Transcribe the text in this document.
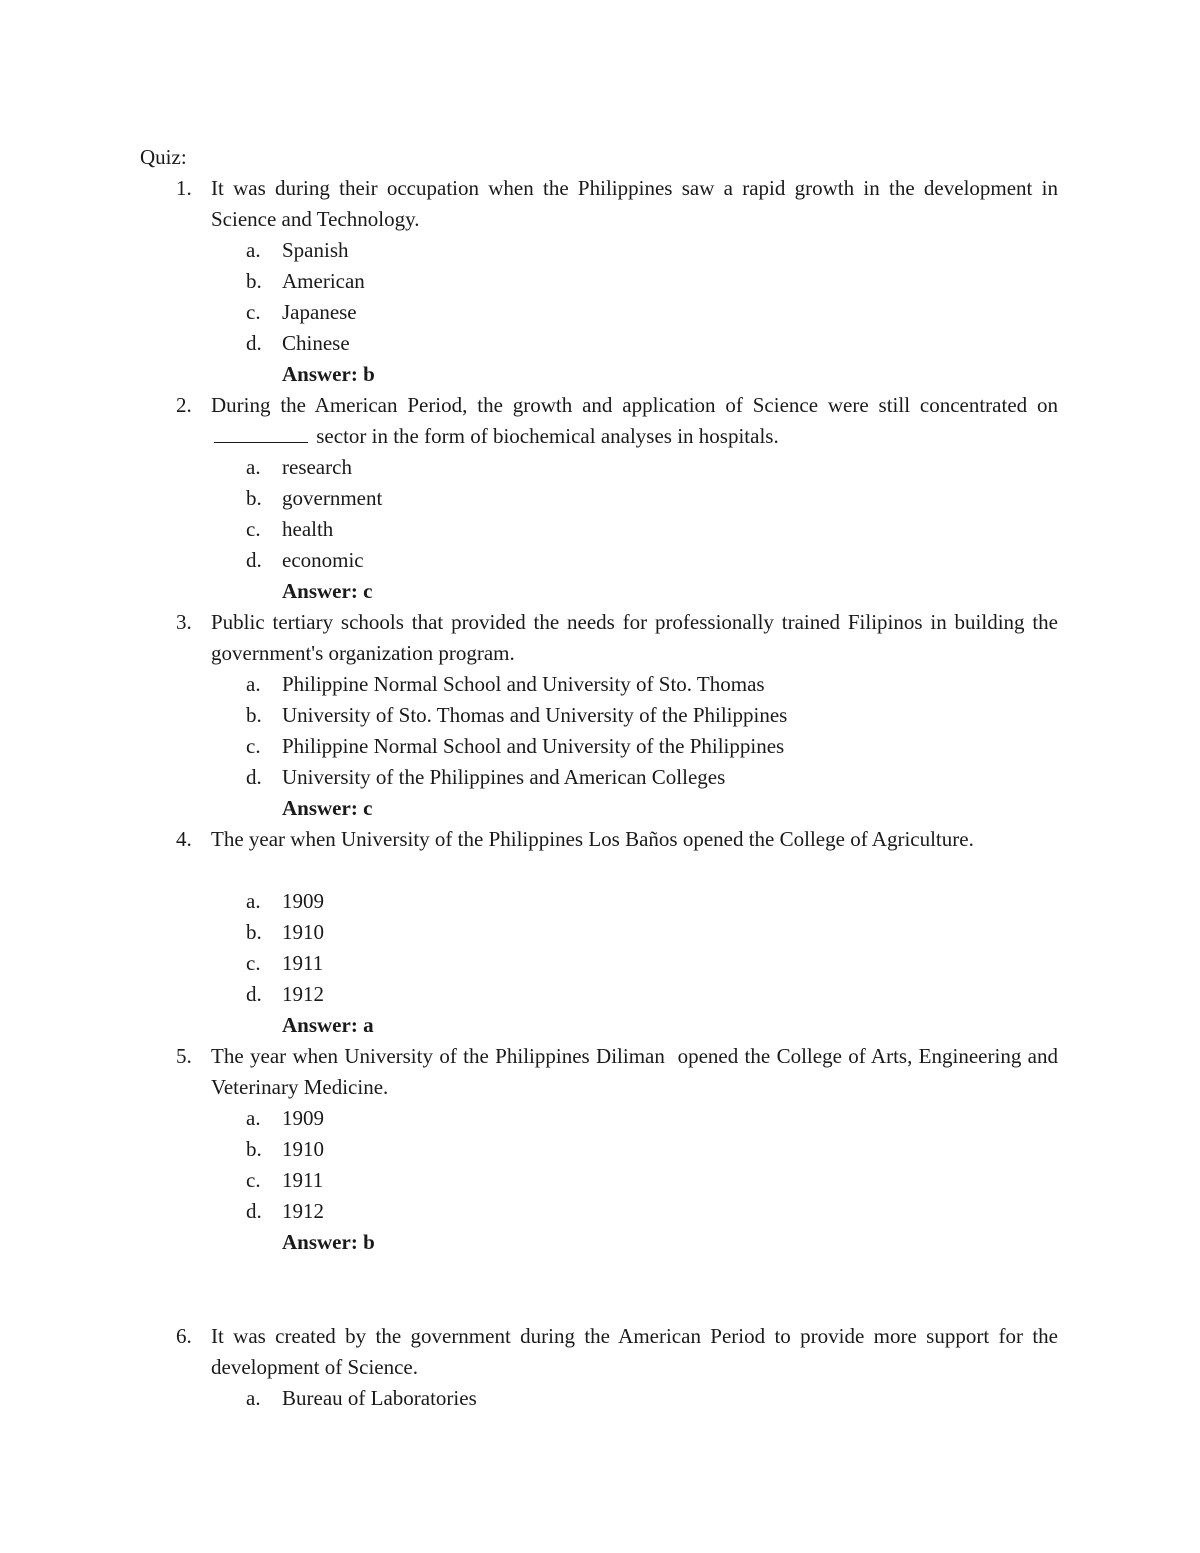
Quiz:
1. It was during their occupation when the Philippines saw a rapid growth in the development in Science and Technology.
a. Spanish
b. American
c. Japanese
d. Chinese
Answer: b
2. During the American Period, the growth and application of Science were still concentrated on  sector in the form of biochemical analyses in hospitals.
a. research
b. government
c. health
d. economic
Answer: c
3. Public tertiary schools that provided the needs for professionally trained Filipinos in building the government's organization program.
a. Philippine Normal School and University of Sto. Thomas
b. University of Sto. Thomas and University of the Philippines
c. Philippine Normal School and University of the Philippines
d. University of the Philippines and American Colleges
Answer: c
4. The year when University of the Philippines Los Baños opened the College of Agriculture.
a. 1909
b. 1910
c. 1911
d. 1912
Answer: a
5. The year when University of the Philippines Diliman  opened the College of Arts, Engineering and Veterinary Medicine.
a. 1909
b. 1910
c. 1911
d. 1912
Answer: b
6. It was created by the government during the American Period to provide more support for the development of Science.
a. Bureau of Laboratories
